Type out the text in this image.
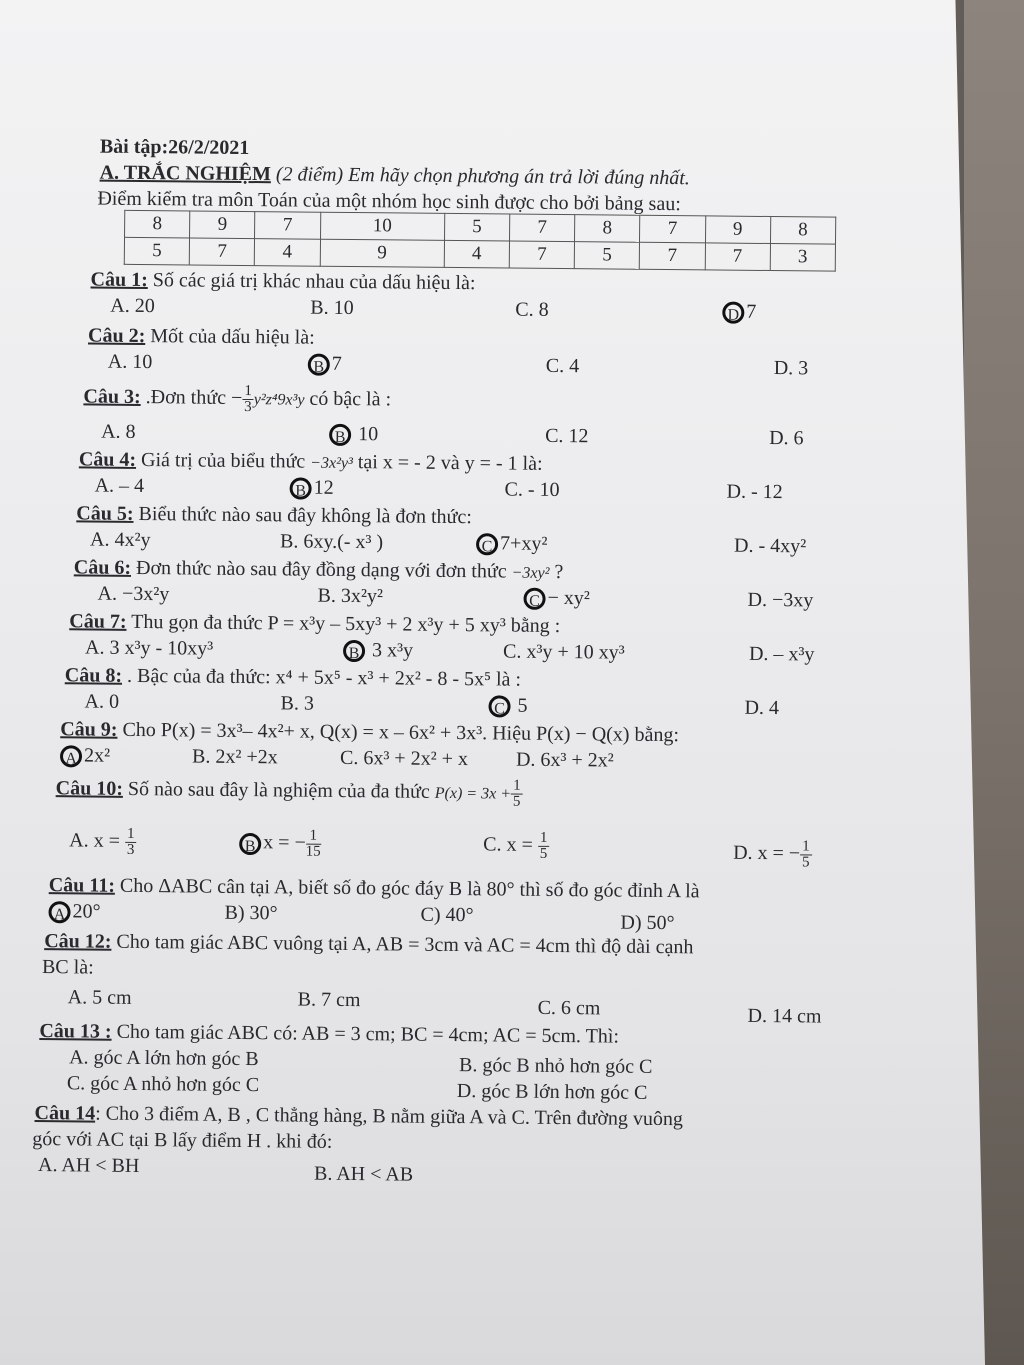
Bài tập:26/2/2021
A. TRẮC NGHIỆM (2 điểm) Em hãy chọn phương án trả lời đúng nhất.
Điểm kiểm tra môn Toán của một nhóm học sinh được cho bởi bảng sau:
8	9	7	10	5	7	8	7	9	8
5	7	4	9	4	7	5	7	7	3
Câu 1: Số các giá trị khác nhau của dấu hiệu là:
A. 20	B. 10	C. 8	D 7
Câu 2: Mốt của dấu hiệu là:
A. 10	B 7	C. 4	D. 3
Câu 3: .Đơn thức − $\frac{1}{3} y^2z^49x^3y$ có bậc là :
A. 8	B 10	C. 12	D. 6
Câu 4: Giá trị của biểu thức −3x²y³ tại x = - 2 và y = - 1 là:
A. – 4	B 12	C. - 10	D. - 12
Câu 5: Biểu thức nào sau đây không là đơn thức:
A. 4x²y	B. 6xy.(- x³ )	C 7+xy²	D. - 4xy²
Câu 6: Đơn thức nào sau đây đồng dạng với đơn thức −3xy² ?
A. −3x²y	B. 3x²y²	C − xy²	D. −3xy
Câu 7: Thu gọn đa thức P = x³y – 5xy³ + 2 x³y + 5 xy³ bằng :
A. 3 x³y - 10xy³	B 3 x³y	C. x³y + 10 xy³	D. – x³y
Câu 8: . Bậc của đa thức: x⁴ + 5x⁵ - x³ + 2x² - 8 - 5x⁵ là :
A. 0	B. 3	C 5	D. 4
Câu 9: Cho P(x) = 3x³– 4x²+ x, Q(x) = x – 6x² + 3x³. Hiệu P(x) − Q(x) bằng:
A 2x²	B. 2x² +2x	C. 6x³ + 2x² + x D. 6x³ + 2x²
Câu 10: Số nào sau đây là nghiệm của đa thức $P(x) = 3x + \frac{1}{5}$
A. $x = \frac{1}{3}$	B x = − $\frac{1}{15}$	C. $x = \frac{1}{5}$	D. x = − $\frac{1}{5}$
Câu 11: Cho ΔABC cân tại A, biết số đo góc đáy B là 80° thì số đo góc đỉnh A là
A 20°	B) 30°	C) 40°	D) 50°
Câu 12: Cho tam giác ABC vuông tại A, AB = 3cm và AC = 4cm thì độ dài cạnh
BC là:
A. 5 cm	B. 7 cm	C. 6 cm	D. 14 cm
Câu 13 : Cho tam giác ABC có: AB = 3 cm; BC = 4cm; AC = 5cm. Thì:
A. góc A lớn hơn góc B	B. góc B nhỏ hơn góc C
C. góc A nhỏ hơn góc C	D. góc B lớn hơn góc C
Câu 14: Cho 3 điểm A, B , C thẳng hàng, B nằm giữa A và C. Trên đường vuông
góc với AC tại B lấy điểm H . khi đó:
A. AH < BH	B. AH < AB
